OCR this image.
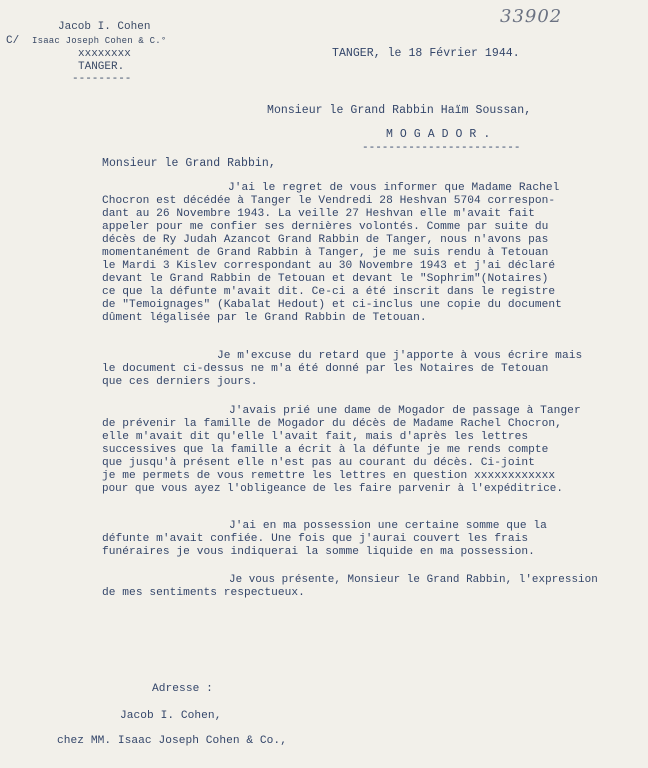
33902
Jacob I. Cohen
C/ Isaac Joseph Cohen & C.°
xxxxxxxx
TANGER.
---------
TANGER, le 18 Février 1944.
Monsieur le Grand Rabbin Haïm Soussan,
M O G A D O R .
------------------------
Monsieur le Grand Rabbin,
J'ai le regret de vous informer que Madame Rachel
Chocron est décédée à Tanger le Vendredi 28 Heshvan 5704 correspon-
dant au 26 Novembre 1943. La veille 27 Heshvan elle m'avait fait
appeler pour me confier ses dernières volontés. Comme par suite du
décès de Ry Judah Azancot Grand Rabbin de Tanger, nous n'avons pas
momentanément de Grand Rabbin à Tanger, je me suis rendu à Tetouan
le Mardi 3 Kislev correspondant au 30 Novembre 1943 et j'ai déclaré
devant le Grand Rabbin de Tetouan et devant le "Sophrim"(Notaires)
ce que la défunte m'avait dit. Ce-ci a été inscrit dans le registre
de "Temoignages" (Kabalat Hedout) et ci-inclus une copie du document
dûment légalisée par le Grand Rabbin de Tetouan.
Je m'excuse du retard que j'apporte à vous écrire mais
le document ci-dessus ne m'a été donné par les Notaires de Tetouan
que ces derniers jours.
J'avais prié une dame de Mogador de passage à Tanger
de prévenir la famille de Mogador du décès de Madame Rachel Chocron,
elle m'avait dit qu'elle l'avait fait, mais d'après les lettres
successives que la famille a écrit à la défunte je me rends compte
que jusqu'à présent elle n'est pas au courant du décès. Ci-joint
je me permets de vous remettre les lettres en question xxxxxxxxxxxx
pour que vous ayez l'obligeance de les faire parvenir à l'expéditrice.
J'ai en ma possession une certaine somme que la
défunte m'avait confiée. Une fois que j'aurai couvert les frais
funéraires je vous indiquerai la somme liquide en ma possession.
Je vous présente, Monsieur le Grand Rabbin, l'expression
de mes sentiments respectueux.
Adresse :
Jacob I. Cohen,
chez MM. Isaac Joseph Cohen & Co.,
